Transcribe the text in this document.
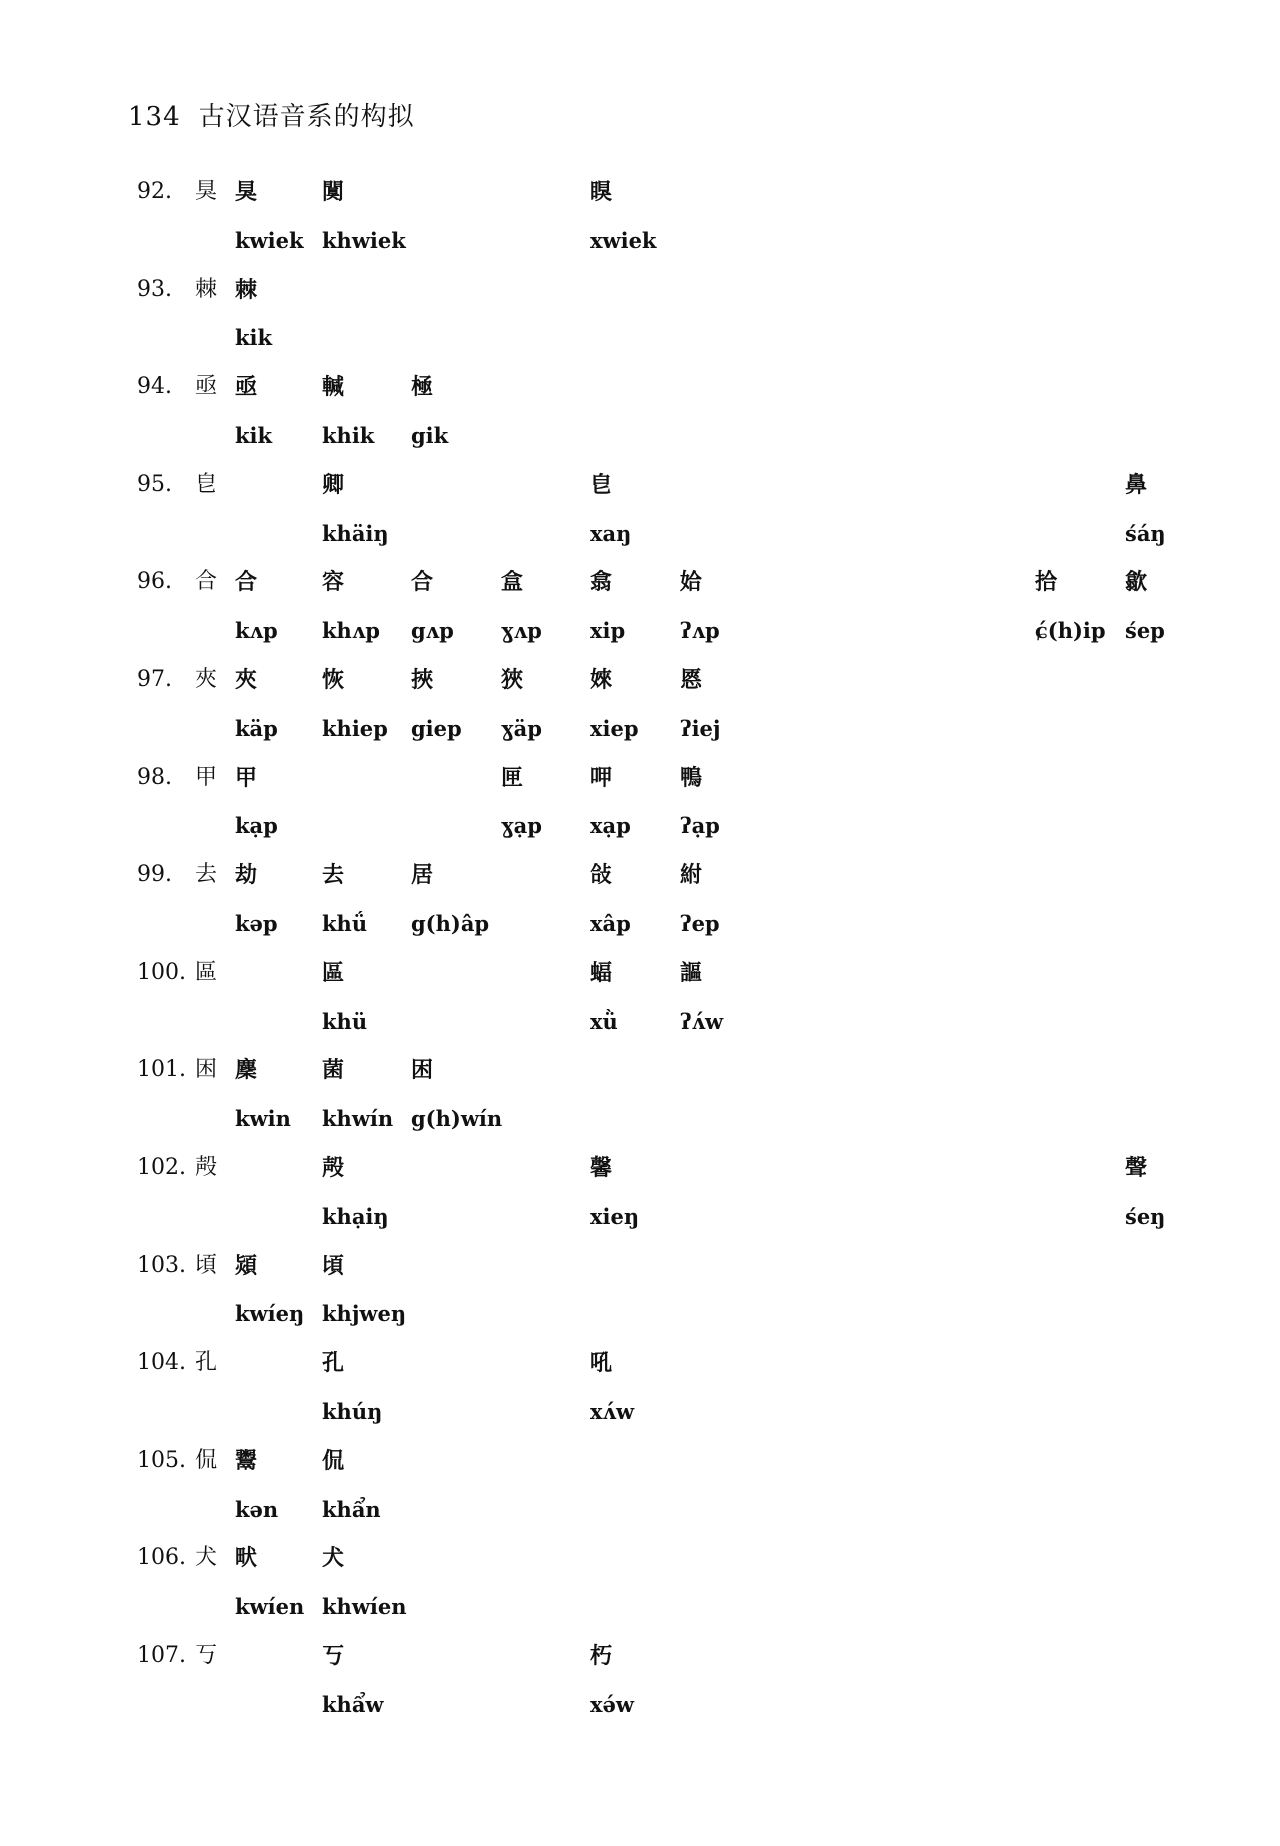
134 古汉语音系的构拟
92. 狊 狊	闃	瞁
kwiek khwiek	xwiek
93. 棘 棘
kik
94. 亟 亟	輱	極
kik khik gik
95. 皀	卿	皀	鼻
khäiŋ	xaŋ	śáŋ
96. 合 合	容	合	盒	翕	姶	拾	歙
kʌp khʌp gʌp ɣʌp xip	ʔʌp	ɕ́(h)ip śep
97. 夾 夾	恢	挾	狹	婡	㥦
käp khiep giep ɣäp xiep ʔiej
98. 甲 甲	匣	呷	鴨
kạp	ɣạp xạp ʔạp
99. 去 劫	去	居	敆	紨
kəp khǘ g(h)âp	xâp ʔep
100. 區	區	蝠	謳
khü	xǜ	ʔʌ́w
101. 困 麇	菌	困
kwin khwín g(h)wín
102. 殸	殸	馨	聲
khạiŋ	xieŋ	śeŋ
103. 頃 熲	頃
kwíeŋ khjweŋ
104. 孔	孔	吼
khúŋ	xʌ́w
105. 侃 鬻	侃
kən khẩn
106. 犬 畎	犬
kwíen khwíen
107. 丂	丂	朽
khẩw	xə́w
